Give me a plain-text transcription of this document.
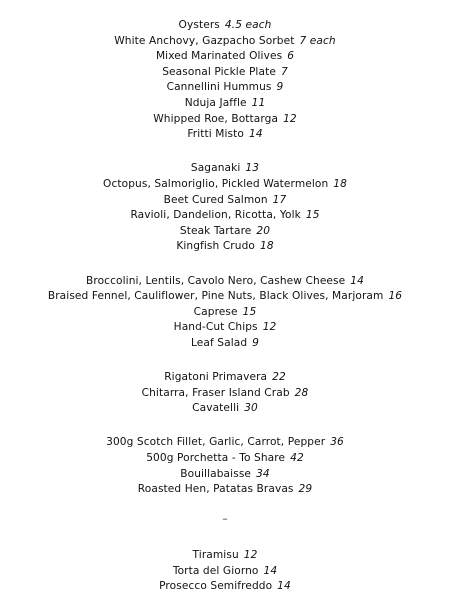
Oysters 4.5 each
White Anchovy, Gazpacho Sorbet 7 each
Mixed Marinated Olives 6
Seasonal Pickle Plate 7
Cannellini Hummus 9
Nduja Jaffle 11
Whipped Roe, Bottarga 12
Fritti Misto 14
Saganaki 13
Octopus, Salmoriglio, Pickled Watermelon 18
Beet Cured Salmon 17
Ravioli, Dandelion, Ricotta, Yolk 15
Steak Tartare 20
Kingfish Crudo 18
Broccolini, Lentils, Cavolo Nero, Cashew Cheese 14
Braised Fennel, Cauliflower, Pine Nuts, Black Olives, Marjoram 16
Caprese 15
Hand-Cut Chips 12
Leaf Salad 9
Rigatoni Primavera 22
Chitarra, Fraser Island Crab 28
Cavatelli 30
300g Scotch Fillet, Garlic, Carrot, Pepper 36
500g Porchetta - To Share 42
Bouillabaisse 34
Roasted Hen, Patatas Bravas 29
–
Tiramisu 12
Torta del Giorno 14
Prosecco Semifreddo 14
